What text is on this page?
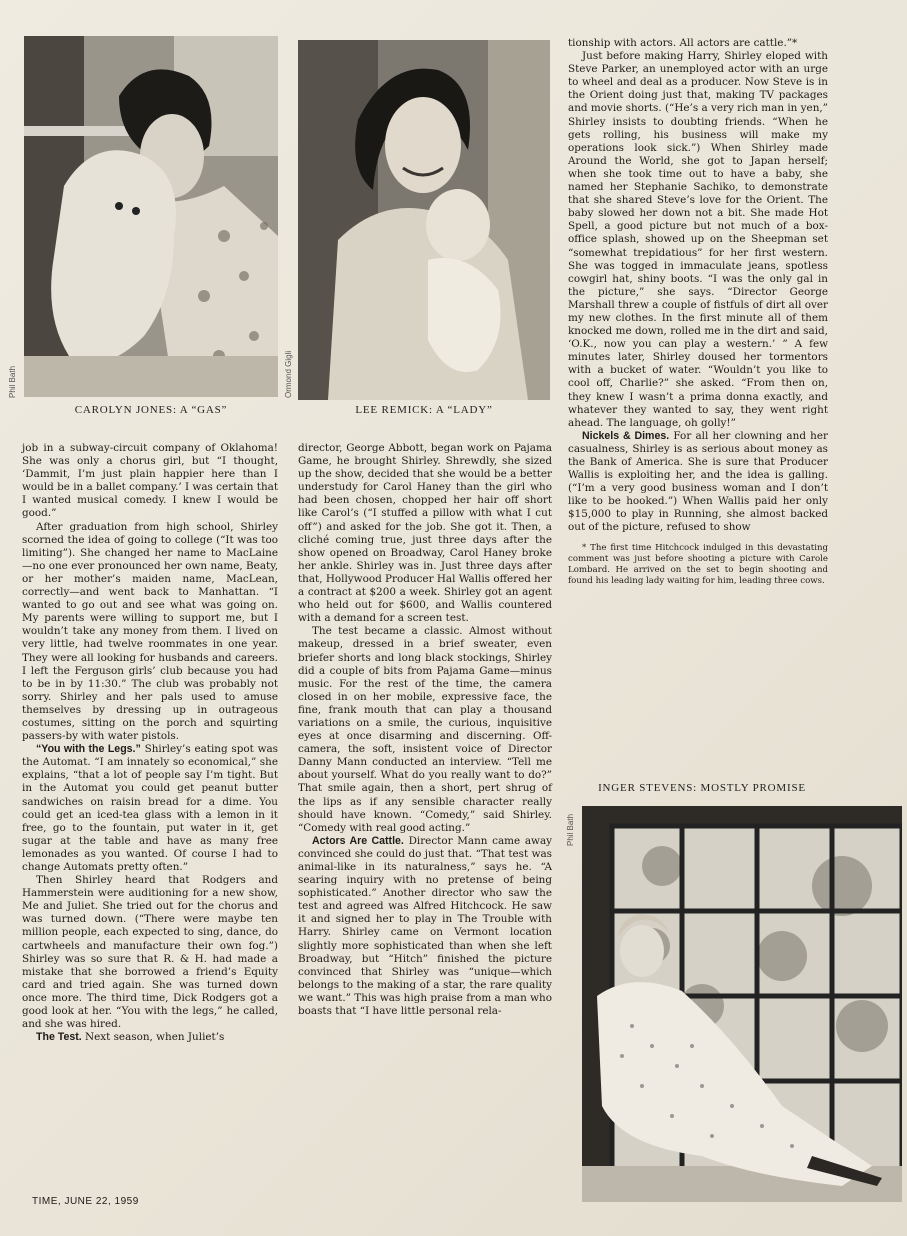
Phil Bath
CAROLYN JONES: A “GAS”
Ormond Gigli
LEE REMICK: A “LADY”

job in a subway-circuit company of Oklahoma! She was only a chorus girl, but “I thought, ‘Dammit, I’m just plain happier here than I would be in a ballet company.’ I was certain that I wanted musical comedy. I knew I would be good.”

After graduation from high school, Shirley scorned the idea of going to college (“It was too limiting”). She changed her name to MacLaine—no one ever pronounced her own name, Beaty, or her mother’s maiden name, MacLean, correctly—and went back to Manhattan. “I wanted to go out and see what was going on. My parents were willing to support me, but I wouldn’t take any money from them. I lived on very little, had twelve roommates in one year. They were all looking for husbands and careers. I left the Ferguson girls’ club because you had to be in by 11:30.” The club was probably not sorry. Shirley and her pals used to amuse themselves by dressing up in outrageous costumes, sitting on the porch and squirting passers-by with water pistols.

“You with the Legs.” Shirley’s eating spot was the Automat. “I am innately so economical,” she explains, “that a lot of people say I’m tight. But in the Automat you could get peanut butter sandwiches on raisin bread for a dime. You could get an iced-tea glass with a lemon in it free, go to the fountain, put water in it, get sugar at the table and have as many free lemonades as you wanted. Of course I had to change Automats pretty often.”

Then Shirley heard that Rodgers and Hammerstein were auditioning for a new show, Me and Juliet. She tried out for the chorus and was turned down. (“There were maybe ten million people, each expected to sing, dance, do cartwheels and manufacture their own fog.”) Shirley was so sure that R. & H. had made a mistake that she borrowed a friend’s Equity card and tried again. She was turned down once more. The third time, Dick Rodgers got a good look at her. “You with the legs,” he called, and she was hired.

The Test. Next season, when Juliet’s

director, George Abbott, began work on Pajama Game, he brought Shirley. Shrewdly, she sized up the show, decided that she would be a better understudy for Carol Haney than the girl who had been chosen, chopped her hair off short like Carol’s (“I stuffed a pillow with what I cut off”) and asked for the job. She got it. Then, a cliché coming true, just three days after the show opened on Broadway, Carol Haney broke her ankle. Shirley was in. Just three days after that, Hollywood Producer Hal Wallis offered her a contract at $200 a week. Shirley got an agent who held out for $600, and Wallis countered with a demand for a screen test.

The test became a classic. Almost without makeup, dressed in a brief sweater, even briefer shorts and long black stockings, Shirley did a couple of bits from Pajama Game—minus music. For the rest of the time, the camera closed in on her mobile, expressive face, the fine, frank mouth that can play a thousand variations on a smile, the curious, inquisitive eyes at once disarming and discerning. Off-camera, the soft, insistent voice of Director Danny Mann conducted an interview. “Tell me about yourself. What do you really want to do?” That smile again, then a short, pert shrug of the lips as if any sensible character really should have known. “Comedy,” said Shirley. “Comedy with real good acting.”

Actors Are Cattle. Director Mann came away convinced she could do just that. “That test was animal-like in its naturalness,” says he. “A searing inquiry with no pretense of being sophisticated.” Another director who saw the test and agreed was Alfred Hitchcock. He saw it and signed her to play in The Trouble with Harry. Shirley came on Vermont location slightly more sophisticated than when she left Broadway, but “Hitch” finished the picture convinced that Shirley was “unique—which belongs to the making of a star, the rare quality we want.” This was high praise from a man who boasts that “I have little personal rela-

tionship with actors. All actors are cattle.”*

Just before making Harry, Shirley eloped with Steve Parker, an unemployed actor with an urge to wheel and deal as a producer. Now Steve is in the Orient doing just that, making TV packages and movie shorts. (“He’s a very rich man in yen,” Shirley insists to doubting friends. “When he gets rolling, his business will make my operations look sick.”) When Shirley made Around the World, she got to Japan herself; when she took time out to have a baby, she named her Stephanie Sachiko, to demonstrate that she shared Steve’s love for the Orient. The baby slowed her down not a bit. She made Hot Spell, a good picture but not much of a box-office splash, showed up on the Sheepman set “somewhat trepidatious” for her first western. She was togged in immaculate jeans, spotless cowgirl hat, shiny boots. “I was the only gal in the picture,” she says. “Director George Marshall threw a couple of fistfuls of dirt all over my new clothes. In the first minute all of them knocked me down, rolled me in the dirt and said, ‘O.K., now you can play a western.’ ” A few minutes later, Shirley doused her tormentors with a bucket of water. “Wouldn’t you like to cool off, Charlie?” she asked. “From then on, they knew I wasn’t a prima donna exactly, and whatever they wanted to say, they went right ahead. The language, oh golly!”

Nickels & Dimes. For all her clowning and her casualness, Shirley is as serious about money as the Bank of America. She is sure that Producer Wallis is exploiting her, and the idea is galling. (“I’m a very good business woman and I don’t like to be hooked.”) When Wallis paid her only $15,000 to play in Running, she almost backed out of the picture, refused to show

* The first time Hitchcock indulged in this devastating comment was just before shooting a picture with Carole Lombard. He arrived on the set to begin shooting and found his leading lady waiting for him, leading three cows.

INGER STEVENS: MOSTLY PROMISE
Phil Bath
TIME, JUNE 22, 1959
